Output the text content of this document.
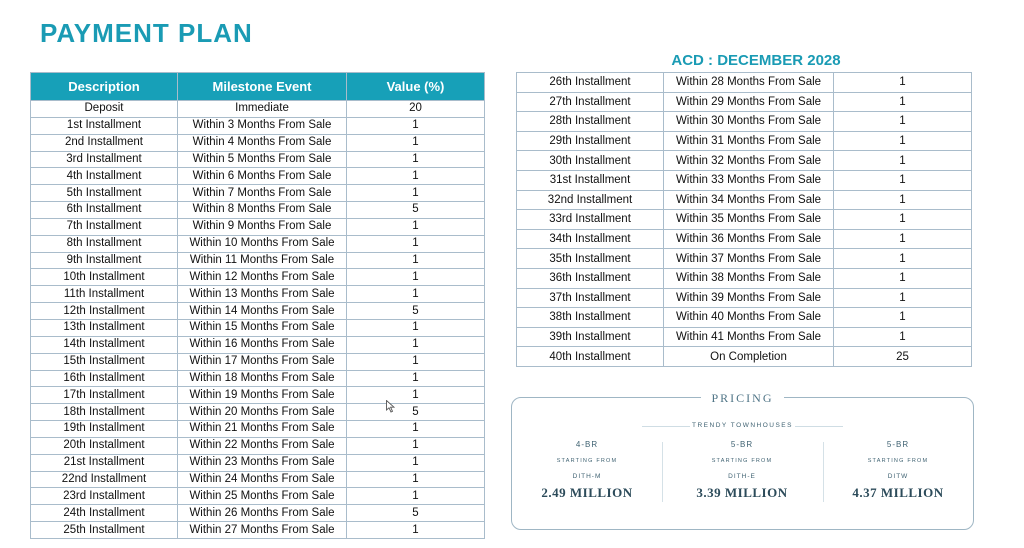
PAYMENT PLAN
ACD : DECEMBER 2028
Description	Milestone Event	Value (%)
Deposit	Immediate	20
1st Installment	Within 3 Months From Sale	1
2nd Installment	Within 4 Months From Sale	1
3rd Installment	Within 5 Months From Sale	1
4th Installment	Within 6 Months From Sale	1
5th Installment	Within 7 Months From Sale	1
6th Installment	Within 8 Months From Sale	5
7th Installment	Within 9 Months From Sale	1
8th Installment	Within 10 Months From Sale	1
9th Installment	Within 11 Months From Sale	1
10th Installment	Within 12 Months From Sale	1
11th Installment	Within 13 Months From Sale	1
12th Installment	Within 14 Months From Sale	5
13th Installment	Within 15 Months From Sale	1
14th Installment	Within 16 Months From Sale	1
15th Installment	Within 17 Months From Sale	1
16th Installment	Within 18 Months From Sale	1
17th Installment	Within 19 Months From Sale	1
18th Installment	Within 20 Months From Sale	5
19th Installment	Within 21 Months From Sale	1
20th Installment	Within 22 Months From Sale	1
21st Installment	Within 23 Months From Sale	1
22nd Installment	Within 24 Months From Sale	1
23rd Installment	Within 25 Months From Sale	1
24th Installment	Within 26 Months From Sale	5
25th Installment	Within 27 Months From Sale	1
26th Installment	Within 28 Months From Sale	1
27th Installment	Within 29 Months From Sale	1
28th Installment	Within 30 Months From Sale	1
29th Installment	Within 31 Months From Sale	1
30th Installment	Within 32 Months From Sale	1
31st Installment	Within 33 Months From Sale	1
32nd Installment	Within 34 Months From Sale	1
33rd Installment	Within 35 Months From Sale	1
34th Installment	Within 36 Months From Sale	1
35th Installment	Within 37 Months From Sale	1
36th Installment	Within 38 Months From Sale	1
37th Installment	Within 39 Months From Sale	1
38th Installment	Within 40 Months From Sale	1
39th Installment	Within 41 Months From Sale	1
40th Installment	On Completion	25
PRICING
TRENDY TOWNHOUSES
4-BR
STARTING FROM
DITH-M
2.49 MILLION
5-BR
STARTING FROM
DITH-E
3.39 MILLION
5-BR
STARTING FROM
DITW
4.37 MILLION
